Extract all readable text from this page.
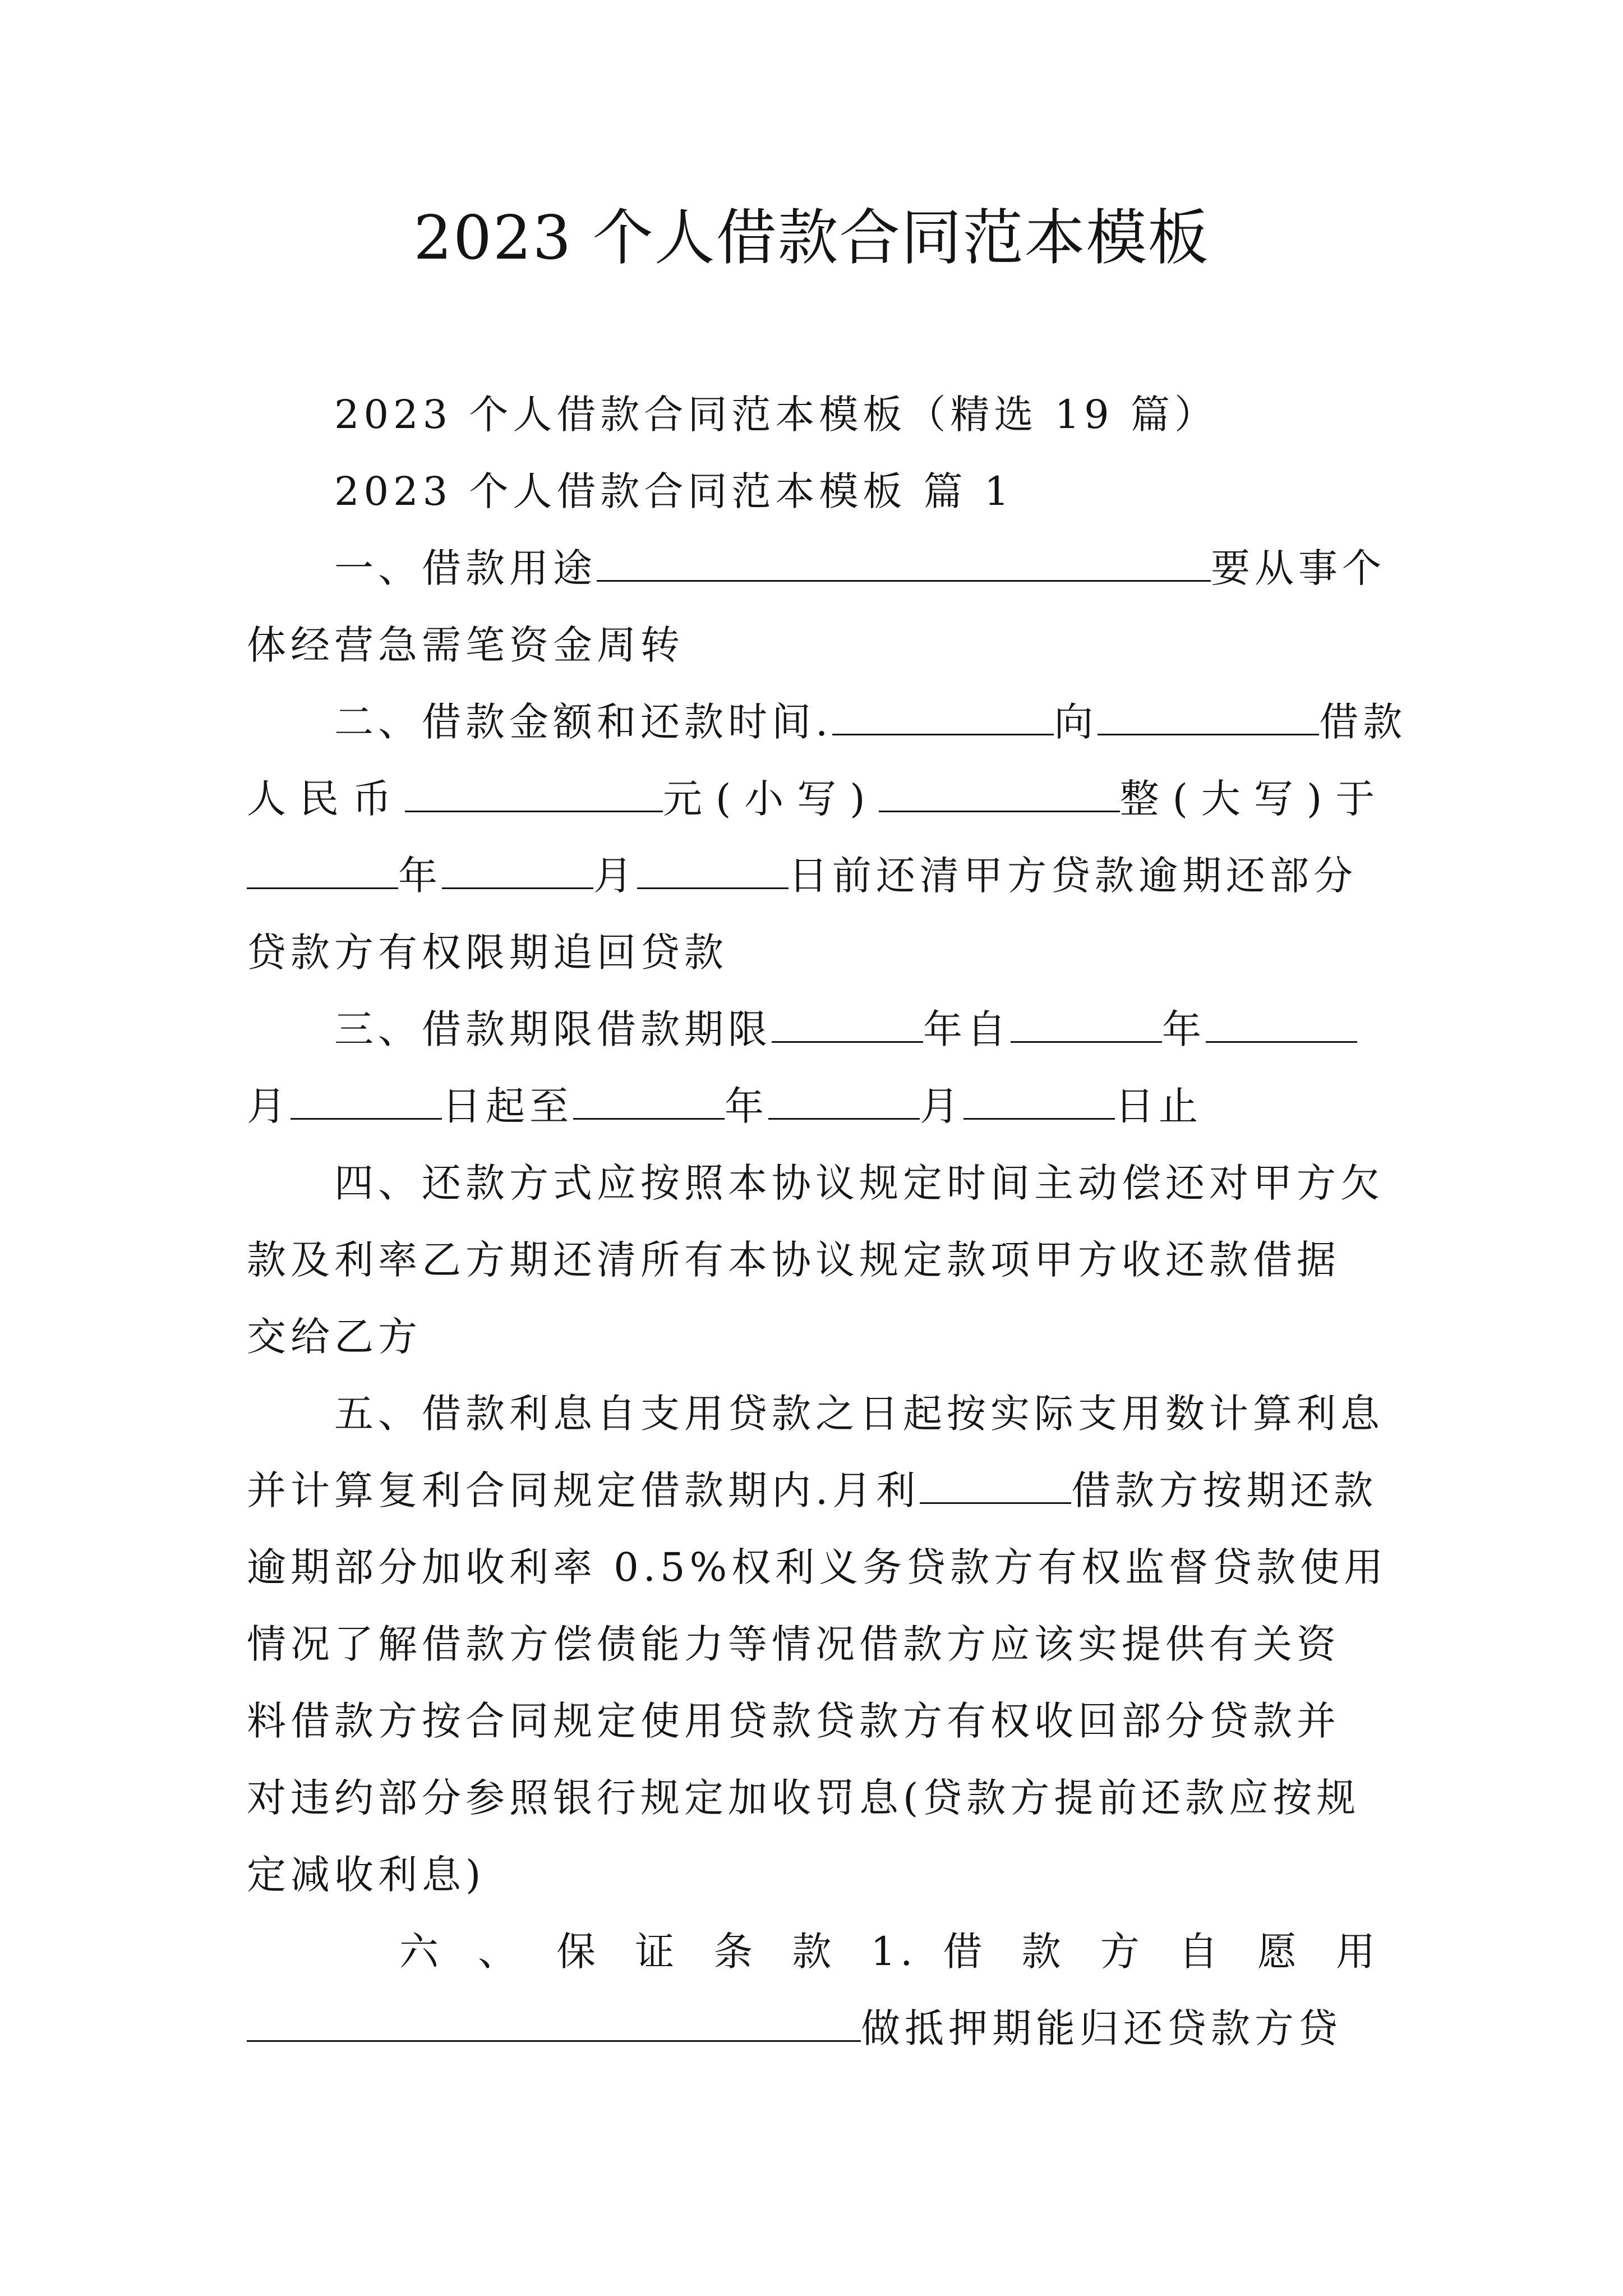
2023 个人借款合同范本模板
2023 个人借款合同范本模板（精选 19 篇）
2023 个人借款合同范本模板 篇 1
一、借款用途	要从事个
体经营急需笔资金周转
二、借款金额和还款时间.	向	借款
人民币	元(小写)	整(大写)于
年	月	日前还清甲方贷款逾期还部分
贷款方有权限期追回贷款
三、借款期限借款期限	年自	年
月	日起至	年	月	日止
四、还款方式应按照本协议规定时间主动偿还对甲方欠
款及利率乙方期还清所有本协议规定款项甲方收还款借据
交给乙方
五、借款利息自支用贷款之日起按实际支用数计算利息
并计算复利合同规定借款期内.月利	借款方按期还款
逾期部分加收利率 0.5%权利义务贷款方有权监督贷款使用
情况了解借款方偿债能力等情况借款方应该实提供有关资
料借款方按合同规定使用贷款贷款方有权收回部分贷款并
对违约部分参照银行规定加收罚息(贷款方提前还款应按规
定减收利息)
六 、 保 证 条 款 1. 借 款 方 自 愿 用
做抵押期能归还贷款方贷
